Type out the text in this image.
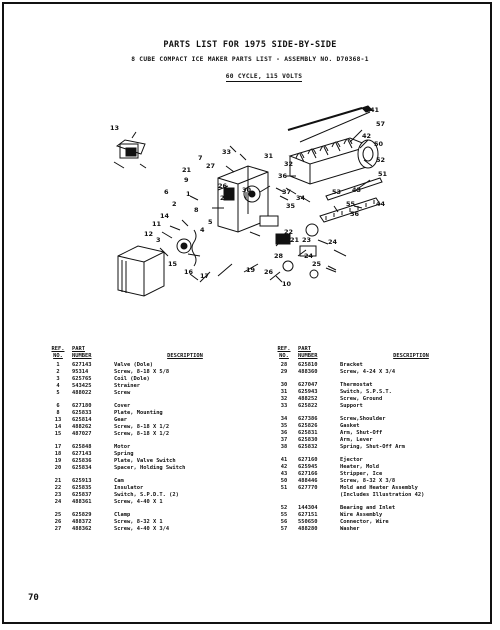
PARTS LIST FOR 1975 SIDE-BY-SIDE
8 CUBE COMPACT ICE MAKER PARTS LIST - ASSEMBLY NO. D70368-1
60 CYCLE, 115 VOLTS
41
57
42
50
52
51
53
55
56
43
44
13
33
36
37
31
32
34
35
30
20
27
7
26
21
9
14
2
8
6	1
11
12
3
5
4
15
16 17
28
22
23
24
25
21	24
26
10
19
REF.
NO.
PART
NUMBER	DESCRIPTION
1	627143	Valve (Dole)
2	95314	Screw, 8-18 X 5/8
3	625765	Coil (Dole)
4	543425	Strainer
5	488022	Screw
6	627180	Cover
8	625833	Plate, Mounting
13	625814	Gear
14	488262	Screw, 8-18 X 1/2
15	487027	Screw, 8-18 X 1/2
17	625848	Motor
18	627143	Spring
19	625836	Plate, Valve Switch
20	625834	Spacer, Holding Switch
21	625913	Cam
22	625835	Insulator
23	625837	Switch, S.P.D.T. (2)
24	488361	Screw, 4-40 X 1
25	625829	Clamp
26	488372	Screw, 8-32 X 1
27	488362	Screw, 4-40 X 3/4
REF.
NO.
PART
NUMBER	DESCRIPTION
28	625810	Bracket
29	488360	Screw, 4-24 X 3/4
30	627047	Thermostat
31	625943	Switch, S.P.S.T.
32	488252	Screw, Ground
33	625822	Support
34	627386	Screw,Shoulder
35	625826	Gasket
36	625831	Arm, Shut-Off
37	625830	Arm, Lever
38	625832	Spring, Shut-Off Arm
41	627160	Ejector
42	625945	Heater, Mold
43	627166	Stripper, Ice
50	488446	Screw, 8-32 X 3/8
51	627770	Mold and Heater Assembly
(Includes Illustration 42)
52	144304	Bearing and Inlet
55	627151	Wire Assembly
56	550650	Connector, Wire
57	488280	Washer
70
